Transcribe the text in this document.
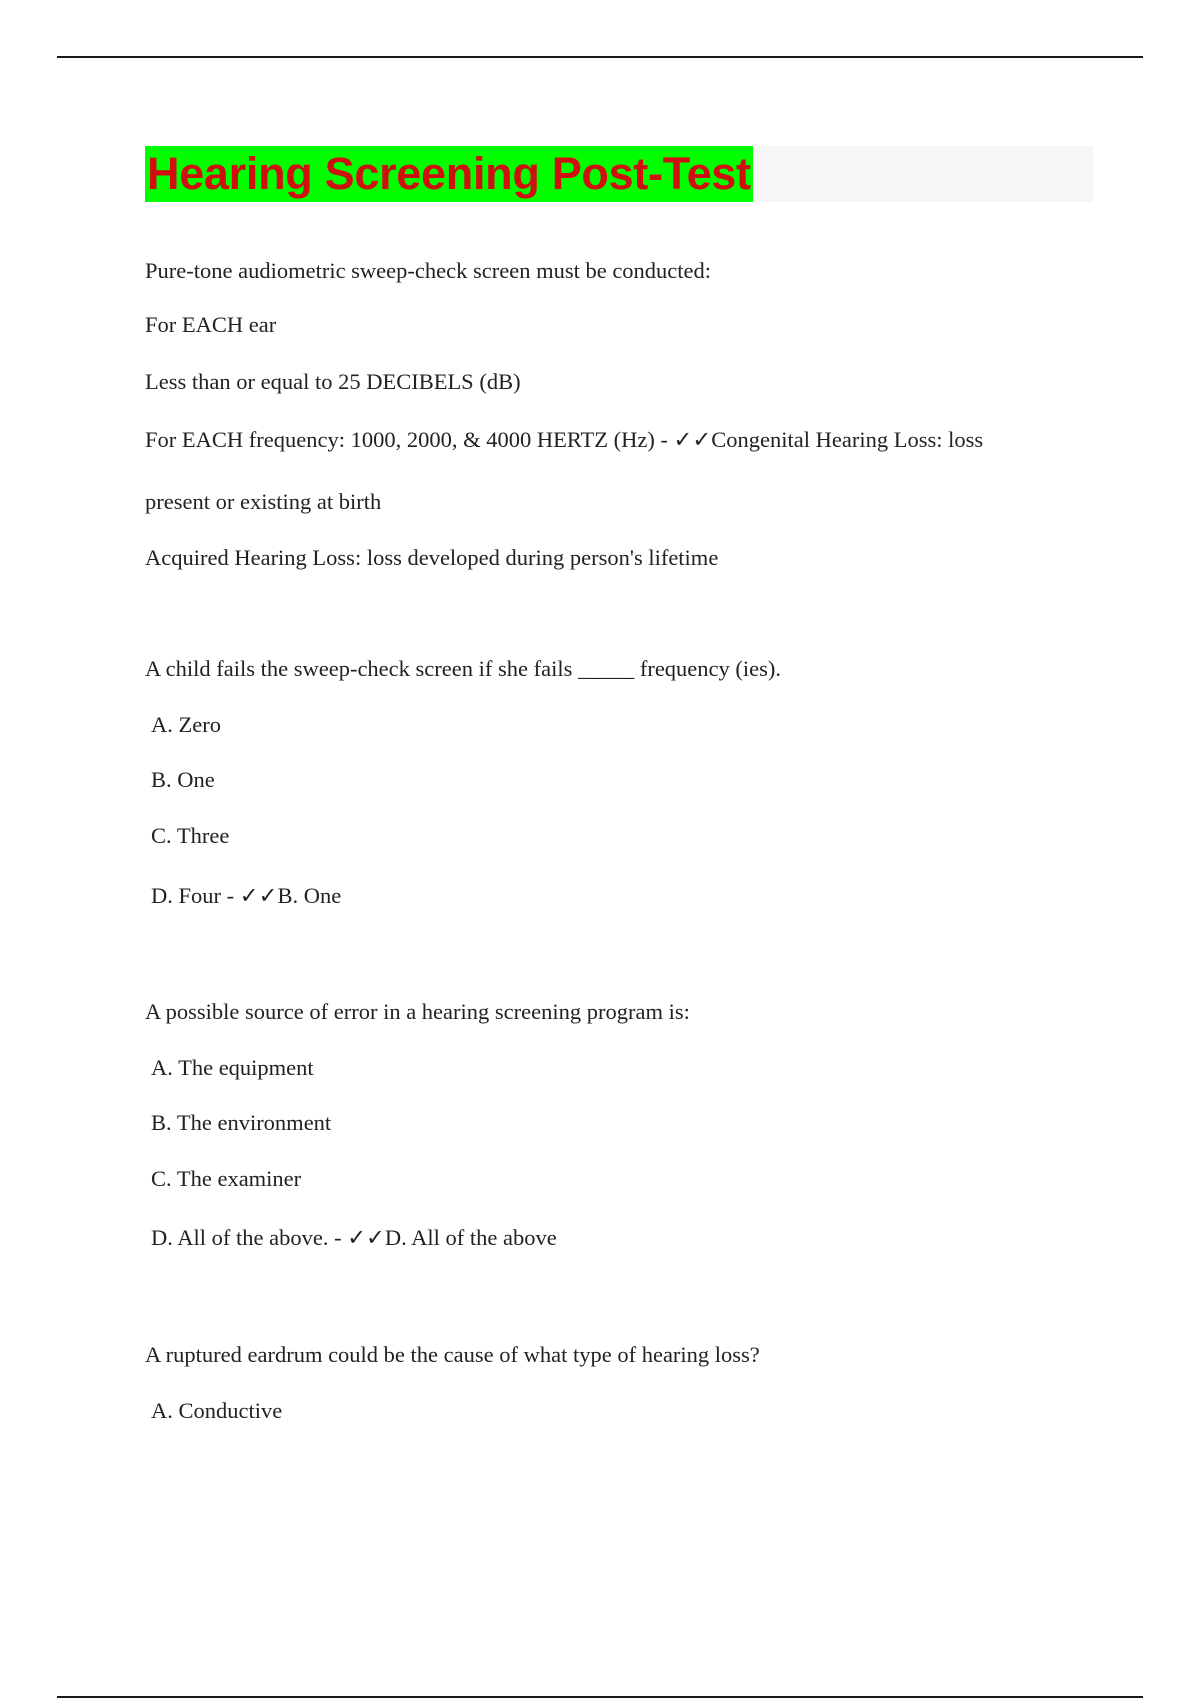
Hearing Screening Post-Test
Pure-tone audiometric sweep-check screen must be conducted:
For EACH ear
Less than or equal to 25 DECIBELS (dB)
For EACH frequency: 1000, 2000, & 4000 HERTZ (Hz) - ✓✓Congenital Hearing Loss: loss
present or existing at birth
Acquired Hearing Loss: loss developed during person's lifetime
A child fails the sweep-check screen if she fails _____ frequency (ies).
A. Zero
B. One
C. Three
D. Four - ✓✓B. One
A possible source of error in a hearing screening program is:
A. The equipment
B. The environment
C. The examiner
D. All of the above. - ✓✓D. All of the above
A ruptured eardrum could be the cause of what type of hearing loss?
A. Conductive
